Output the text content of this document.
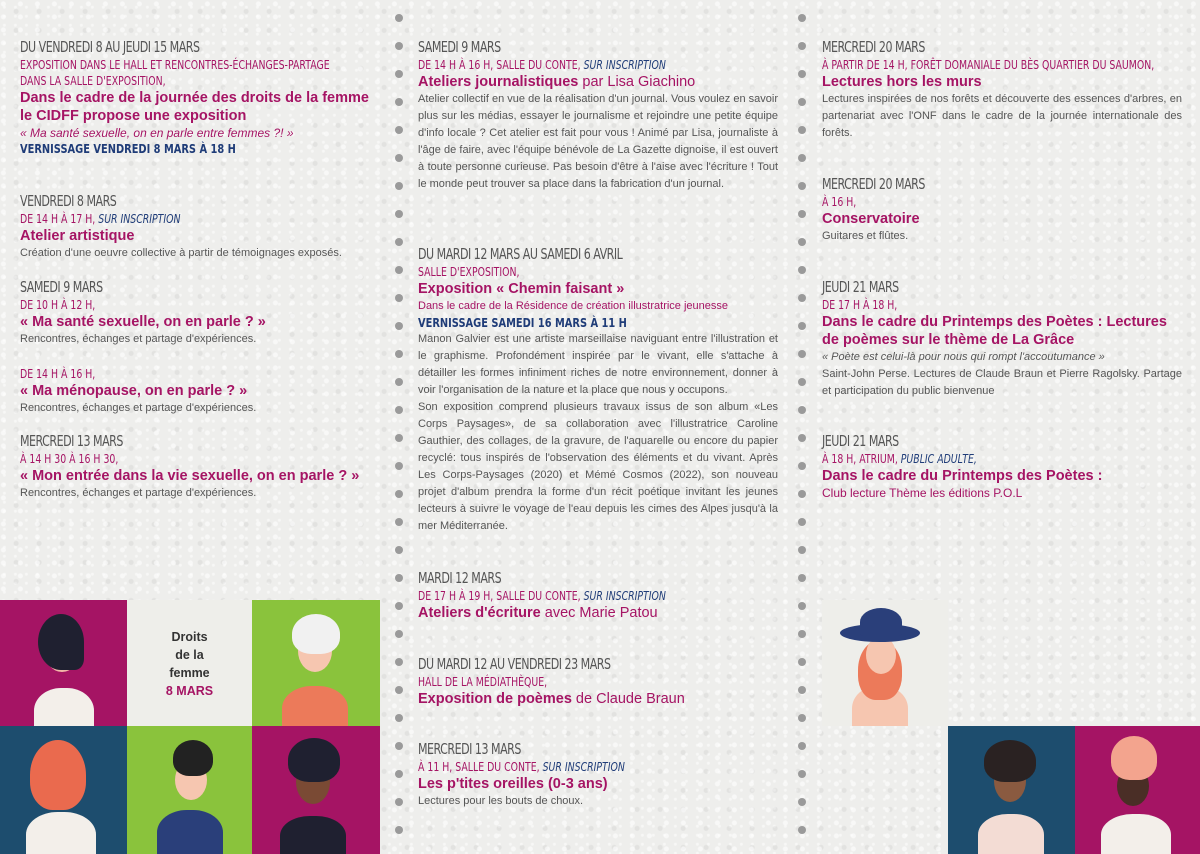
DU VENDREDI 8 AU JEUDI 15 MARS
EXPOSITION DANS LE HALL ET RENCONTRES-ÉCHANGES-PARTAGE
DANS LA SALLE D'EXPOSITION,
Dans le cadre de la journée des droits de la femme le CIDFF propose une exposition
« Ma santé sexuelle, on en parle entre femmes ?! »
VERNISSAGE VENDREDI 8 MARS À 18 H
VENDREDI 8 MARS
DE 14 H À 17 H, SUR INSCRIPTION
Atelier artistique
Création d'une oeuvre collective à partir de témoignages exposés.
SAMEDI 9 MARS
DE 10 H À 12 H,
« Ma santé sexuelle, on en parle ? »
Rencontres, échanges et partage d'expériences.
DE 14 H À 16 H,
« Ma ménopause, on en parle ? »
Rencontres, échanges et partage d'expériences.
MERCREDI 13 MARS
À 14 H 30 À 16 H 30,
« Mon entrée dans la vie sexuelle, on en parle ? »
Rencontres, échanges et partage d'expériences.
Droits
de la
femme
8 MARS
SAMEDI 9 MARS
DE 14 H À 16 H, SALLE DU CONTE, SUR INSCRIPTION
Ateliers journalistiques par Lisa Giachino
Atelier collectif en vue de la réalisation d'un journal. Vous voulez en savoir plus sur les médias, essayer le journalisme et rejoindre une petite équipe d'info locale ? Cet atelier est fait pour vous ! Animé par Lisa, journaliste à l'âge de faire, avec l'équipe bénévole de La Gazette dignoise, il est ouvert à toute personne curieuse. Pas besoin d'être à l'aise avec l'écriture ! Tout le monde peut trouver sa place dans la fabrication d'un journal.
DU MARDI 12 MARS AU SAMEDI 6 AVRIL
SALLE D'EXPOSITION,
Exposition « Chemin faisant »
Dans le cadre de la Résidence de création illustratrice jeunesse
VERNISSAGE SAMEDI 16 MARS À 11 H
Manon Galvier est une artiste marseillaise naviguant entre l'illustration et le graphisme. Profondément inspirée par le vivant, elle s'attache à détailler les formes infiniment riches de notre environnement, donner à voir l'organisation de la nature et la place que nous y occupons.
Son exposition comprend plusieurs travaux issus de son album «Les Corps Paysages», de sa collaboration avec l'illustratrice Caroline Gauthier, des collages, de la gravure, de l'aquarelle ou encore du papier recyclé: tous inspirés de l'observation des éléments et du vivant. Après Les Corps-Paysages (2020) et Mémé Cosmos (2022), son nouveau projet d'album prendra la forme d'un récit poétique invitant les jeunes lecteurs à suivre le voyage de l'eau depuis les cimes des Alpes jusqu'à la mer Méditerranée.
MARDI 12 MARS
DE 17 H À 19 H, SALLE DU CONTE, SUR INSCRIPTION
Ateliers d'écriture avec Marie Patou
DU MARDI 12 AU VENDREDI 23 MARS
HALL DE LA MÉDIATHÈQUE,
Exposition de poèmes de Claude Braun
MERCREDI 13 MARS
À 11 H, SALLE DU CONTE, SUR INSCRIPTION
Les p'tites oreilles (0-3 ans)
Lectures pour les bouts de choux.
MERCREDI 20 MARS
À PARTIR DE 14 H, FORÊT DOMANIALE DU BÈS QUARTIER DU SAUMON,
Lectures hors les murs
Lectures inspirées de nos forêts et découverte des essences d'arbres, en partenariat avec l'ONF dans le cadre de la journée internationale des forêts.
MERCREDI 20 MARS
À 16 H,
Conservatoire
Guitares et flûtes.
JEUDI 21 MARS
DE 17 H À 18 H,
Dans le cadre du Printemps des Poètes : Lectures de poèmes sur le thème de La Grâce
« Poète est celui-là pour nous qui rompt l'accoutumance »
Saint-John Perse. Lectures de Claude Braun et Pierre Ragolsky. Partage et participation du public bienvenue
JEUDI 21 MARS
À 18 H, ATRIUM, PUBLIC ADULTE,
Dans le cadre du Printemps des Poètes :
Club lecture Thème les éditions P.O.L
